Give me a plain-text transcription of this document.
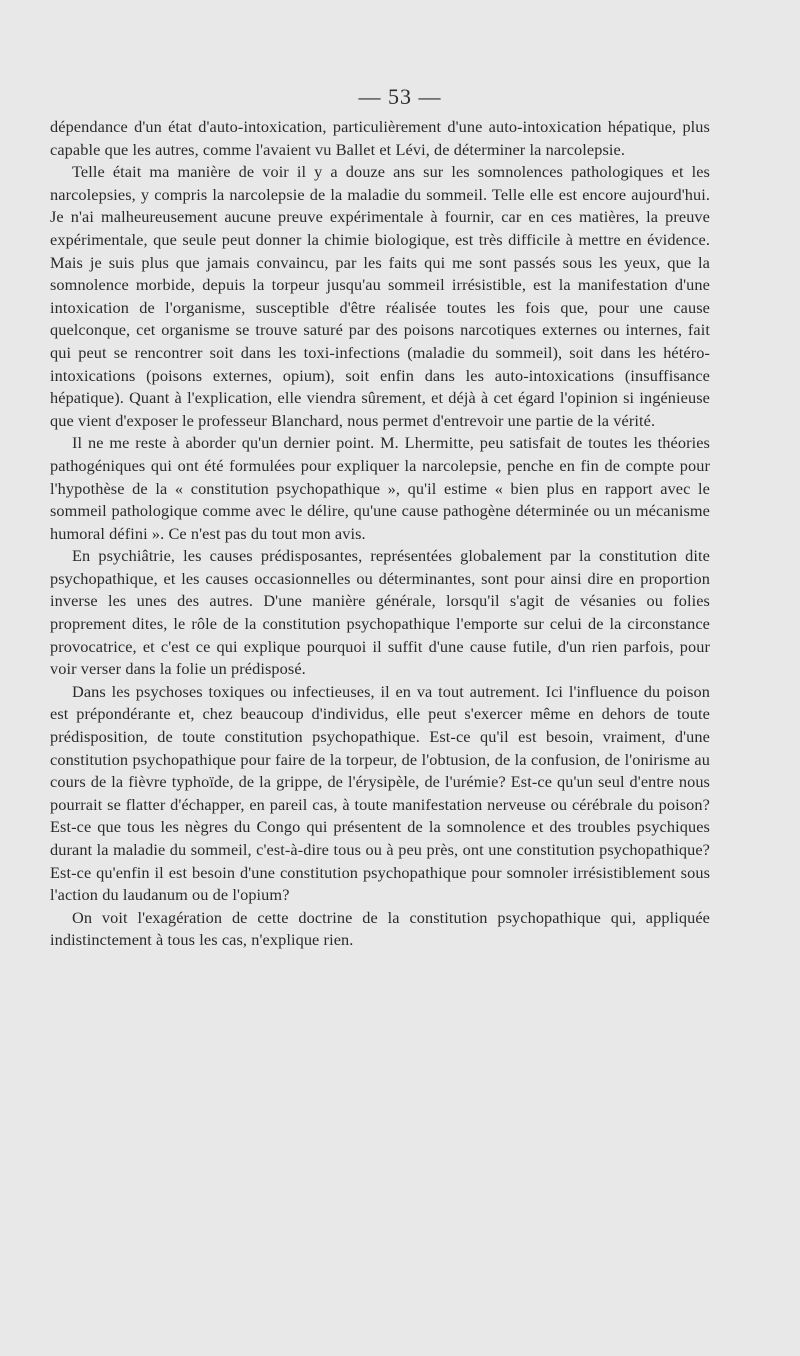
— 53 —

dépendance d'un état d'auto-intoxication, particulièrement d'une auto-intoxication hépatique, plus capable que les autres, comme l'avaient vu Ballet et Lévi, de déterminer la narcolepsie.

Telle était ma manière de voir il y a douze ans sur les somnolences pathologiques et les narcolepsies, y compris la narcolepsie de la maladie du sommeil. Telle elle est encore aujourd'hui. Je n'ai malheureusement aucune preuve expérimentale à fournir, car en ces matières, la preuve expérimentale, que seule peut donner la chimie biologique, est très difficile à mettre en évidence. Mais je suis plus que jamais convaincu, par les faits qui me sont passés sous les yeux, que la somnolence morbide, depuis la torpeur jusqu'au sommeil irrésistible, est la manifestation d'une intoxication de l'organisme, susceptible d'être réalisée toutes les fois que, pour une cause quelconque, cet organisme se trouve saturé par des poisons narcotiques externes ou internes, fait qui peut se rencontrer soit dans les toxi-infections (maladie du sommeil), soit dans les hétéro-intoxications (poisons externes, opium), soit enfin dans les auto-intoxications (insuffisance hépatique). Quant à l'explication, elle viendra sûrement, et déjà à cet égard l'opinion si ingénieuse que vient d'exposer le professeur Blanchard, nous permet d'entrevoir une partie de la vérité.

Il ne me reste à aborder qu'un dernier point. M. Lhermitte, peu satisfait de toutes les théories pathogéniques qui ont été formulées pour expliquer la narcolepsie, penche en fin de compte pour l'hypothèse de la « constitution psychopathique », qu'il estime « bien plus en rapport avec le sommeil pathologique comme avec le délire, qu'une cause pathogène déterminée ou un mécanisme humoral défini ». Ce n'est pas du tout mon avis.

En psychiâtrie, les causes prédisposantes, représentées globalement par la constitution dite psychopathique, et les causes occasionnelles ou déterminantes, sont pour ainsi dire en proportion inverse les unes des autres. D'une manière générale, lorsqu'il s'agit de vésanies ou folies proprement dites, le rôle de la constitution psychopathique l'emporte sur celui de la circonstance provocatrice, et c'est ce qui explique pourquoi il suffit d'une cause futile, d'un rien parfois, pour voir verser dans la folie un prédisposé.

Dans les psychoses toxiques ou infectieuses, il en va tout autrement. Ici l'influence du poison est prépondérante et, chez beaucoup d'individus, elle peut s'exercer même en dehors de toute prédisposition, de toute constitution psychopathique. Est-ce qu'il est besoin, vraiment, d'une constitution psychopathique pour faire de la torpeur, de l'obtusion, de la confusion, de l'onirisme au cours de la fièvre typhoïde, de la grippe, de l'érysipèle, de l'urémie? Est-ce qu'un seul d'entre nous pourrait se flatter d'échapper, en pareil cas, à toute manifestation nerveuse ou cérébrale du poison? Est-ce que tous les nègres du Congo qui présentent de la somnolence et des troubles psychiques durant la maladie du sommeil, c'est-à-dire tous ou à peu près, ont une constitution psychopathique? Est-ce qu'enfin il est besoin d'une constitution psychopathique pour somnoler irrésistiblement sous l'action du laudanum ou de l'opium?

On voit l'exagération de cette doctrine de la constitution psychopathique qui, appliquée indistinctement à tous les cas, n'explique rien.
